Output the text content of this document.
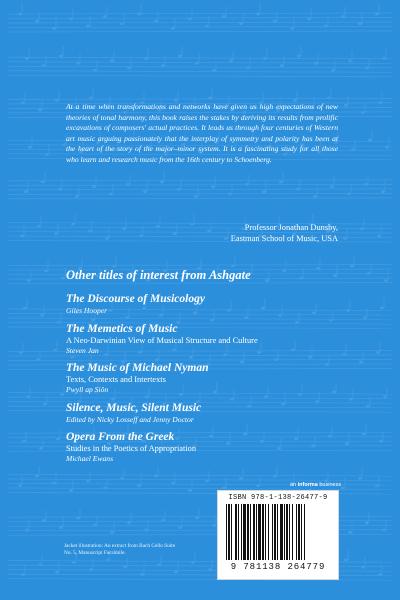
At a time when transformations and networks have given us high expectations of new theories of tonal harmony, this book raises the stakes by deriving its results from prolific excavations of composers' actual practices. It leads us through four centuries of Western art music arguing passionately that the interplay of symmetry and polarity has been at the heart of the story of the major–minor system. It is a fascinating study for all those who learn and research music from the 16th century to Schoenberg.
Professor Jonathan Dunsby,
Eastman School of Music, USA
Other titles of interest from Ashgate
The Discourse of Musicology
Giles Hooper
The Memetics of Music
A Neo-Darwinian View of Musical Structure and Culture
Steven Jan
The Music of Michael Nyman
Texts, Contexts and Intertexts
Pwyll ap Siôn
Silence, Music, Silent Music
Edited by Nicky Losseff and Jenny Doctor
Opera From the Greek
Studies in the Poetics of Appropriation
Michael Ewans
an informa business
ISBN 978-1-138-26477-9
9 781138 264779
Jacket illustration: An extract from Bach Cello Suite No. 5, Manuscript Facsimile.
